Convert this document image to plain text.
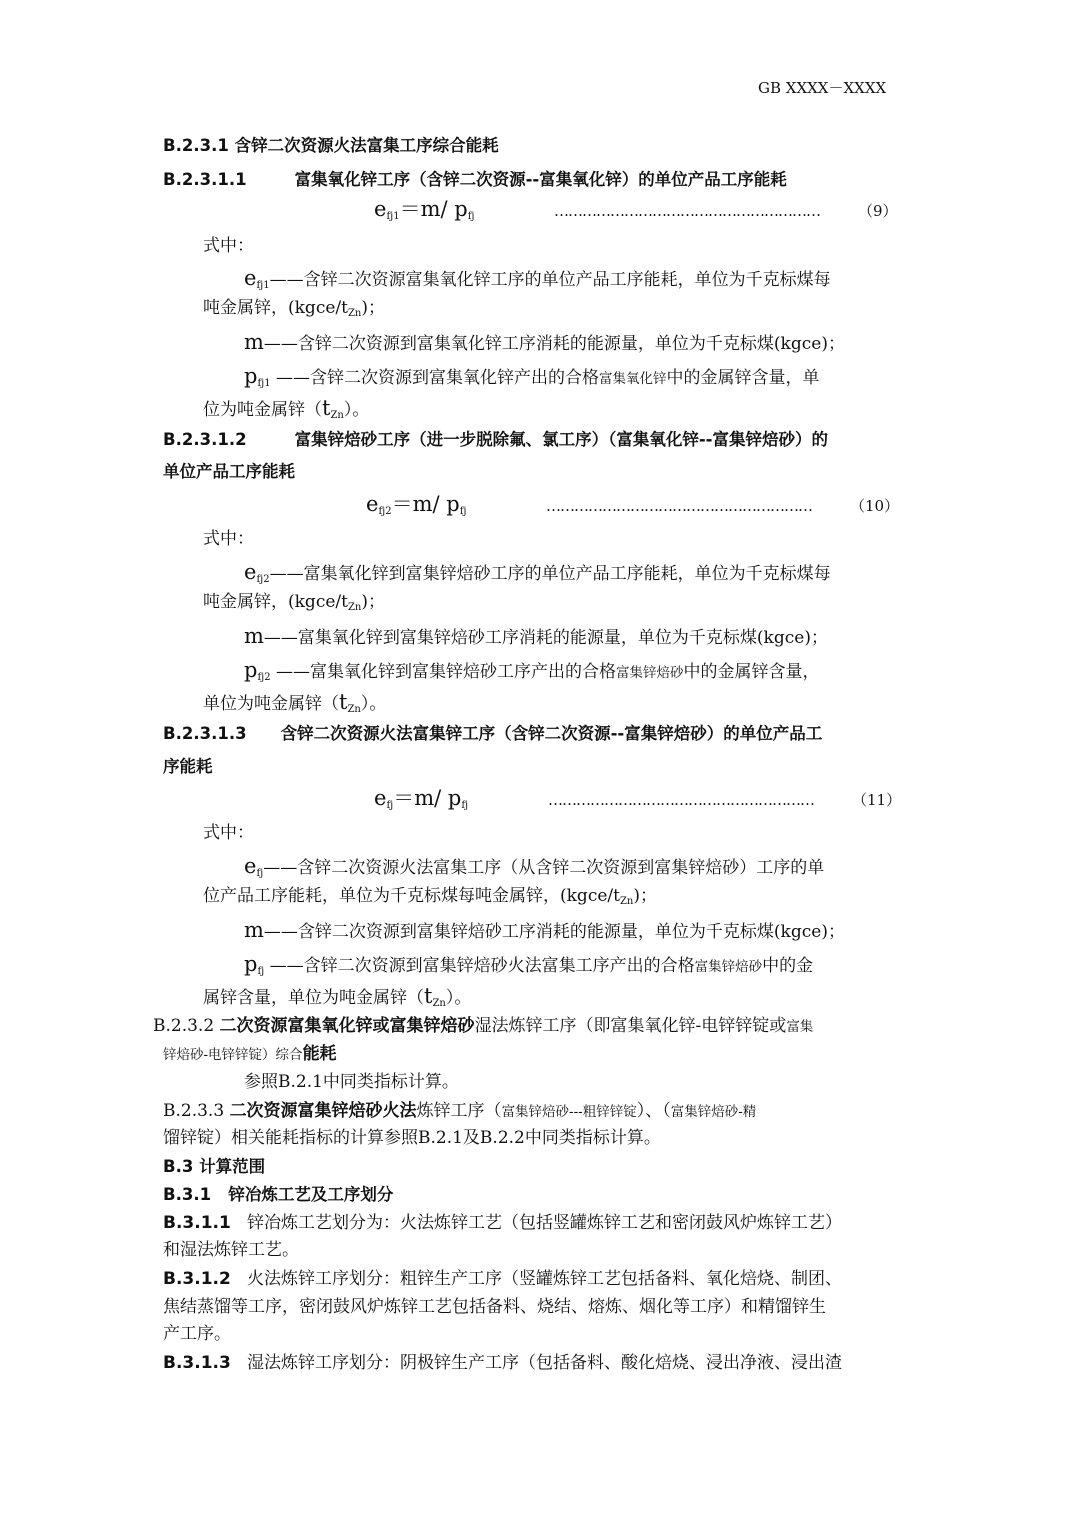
GB XXXX－XXXX
B.2.3.1 含锌二次资源火法富集工序综合能耗
B.2.3.1.1	富集氧化锌工序（含锌二次资源--富集氧化锌）的单位产品工序能耗
$e_{fj1}=m/$ $p_{fj}$	…………………………………………………	（9）
式中：
$e_{fj1}——$含锌二次资源富集氧化锌工序的单位产品工序能耗，单位为千克标煤每
吨金属锌，$(kgce/t_{Zn})$；
m——含锌二次资源到富集氧化锌工序消耗的能源量，单位为千克标煤(kgce)；
$p_{fj1}$ ——含锌二次资源到富集氧化锌产出的合格富集氧化锌中的金属锌含量，单
位为吨金属锌$(t_{Zn})$。
B.2.3.1.2	富集锌焙砂工序（进一步脱除氟、氯工序）（富集氧化锌--富集锌焙砂）的
单位产品工序能耗
$e_{fj2}=m/$ $p_{fj}$	…………………………………………………	（10）
式中：
$e_{fj2}——$富集氧化锌到富集锌焙砂工序的单位产品工序能耗，单位为千克标煤每
吨金属锌，$(kgce/t_{Zn})$；
m——富集氧化锌到富集锌焙砂工序消耗的能源量，单位为千克标煤(kgce)；
$p_{fj2}$ ——富集氧化锌到富集锌焙砂工序产出的合格富集锌焙砂中的金属锌含量，
单位为吨金属锌$(t_{Zn})$。
B.2.3.1.3 含锌二次资源火法富集锌工序（含锌二次资源--富集锌焙砂）的单位产品工
序能耗
$e_{fj}=m/$ $p_{fj}$	…………………………………………………	（11）
式中：
$e_{fj}——$含锌二次资源火法富集工序（从含锌二次资源到富集锌焙砂）工序的单
位产品工序能耗，单位为千克标煤每吨金属锌，$(kgce/t_{Zn})$；
m——含锌二次资源到富集锌焙砂工序消耗的能源量，单位为千克标煤(kgce)；
$p_{fj}$ ——含锌二次资源到富集锌焙砂火法富集工序产出的合格富集锌焙砂中的金
属锌含量，单位为吨金属锌$(t_{Zn})$。
B.2.3.2 二次资源富集氧化锌或富集锌焙砂湿法炼锌工序（即富集氧化锌-电锌锌锭或富集
锌焙砂-电锌锌锭）综合能耗
参照B.2.1中同类指标计算。
B.2.3.3 二次资源富集锌焙砂火法炼锌工序（富集锌焙砂---粗锌锌锭）、（富集锌焙砂-精
馏锌锭）相关能耗指标的计算参照B.2.1及B.2.2中同类指标计算。
B.3 计算范围
B.3.1 锌冶炼工艺及工序划分
B.3.1.1 锌冶炼工艺划分为：火法炼锌工艺（包括竖罐炼锌工艺和密闭鼓风炉炼锌工艺）
和湿法炼锌工艺。
B.3.1.2 火法炼锌工序划分：粗锌生产工序（竖罐炼锌工艺包括备料、氧化焙烧、制团、
焦结蒸馏等工序，密闭鼓风炉炼锌工艺包括备料、烧结、熔炼、烟化等工序）和精馏锌生
产工序。
B.3.1.3 湿法炼锌工序划分：阴极锌生产工序（包括备料、酸化焙烧、浸出净液、浸出渣
